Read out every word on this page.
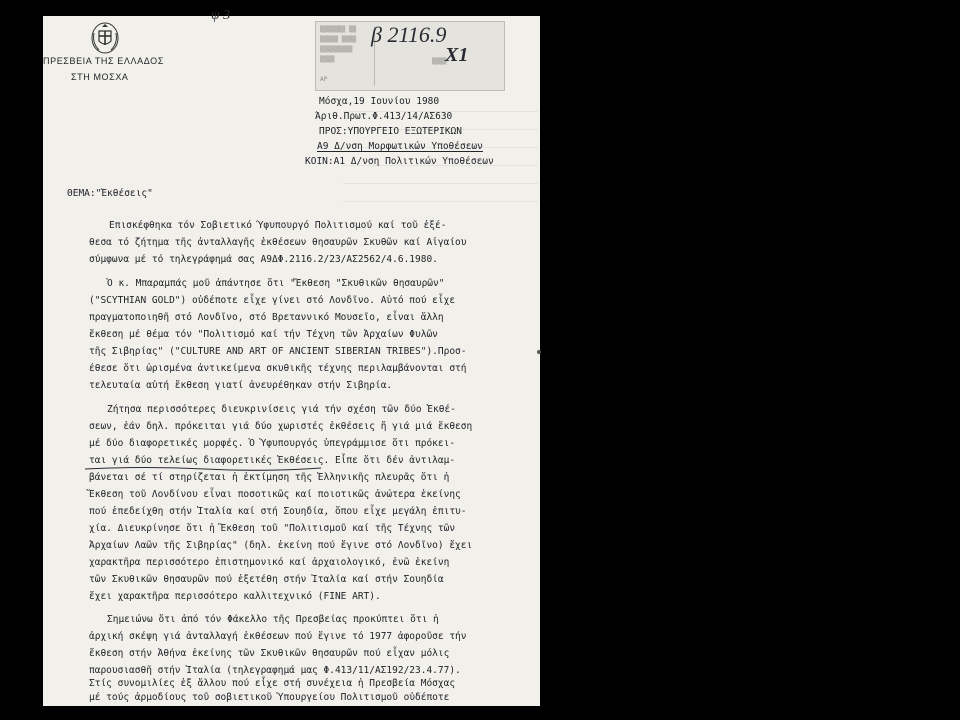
ΠΡΕΣΒΕΙΑ ΤΗΣ ΕΛΛΑΔΟΣ

ΣΤΗ ΜΟΣΧΑ

ψ 3

▒▒▒▒▒▒▒ ▒▒

▒▒▒▒▒ ▒▒▒▒

▒▒▒▒▒▒▒▒▒

▒▒▒▒

ΑΡ

▒▒▒▒

β 2116.9

Χ1

Μόσχα,19 Ιουνίου 1980

Άριθ.Πρωτ.Φ.413/14/ΑΣ630

ΠΡΟΣ:ΥΠΟΥΡΓΕΙΟ ΕΞΩΤΕΡΙΚΩΝ

Α9 Δ/νση Μορφωτικών Υποθέσεων

ΚΟΙΝ:Α1 Δ/νση Πολιτικών Υποθέσεων

ΘΕΜΑ:"Έκθέσεις"

Επισκέφθηκα τόν Σοβιετικό Ύφυπουργό Πολιτισμού καί τοῦ ἐξέ-

θεσα τό ζήτημα τῆς ἀνταλλαγῆς ἐκθέσεων θησαυρῶν Σκυθῶν καί Αἰγαίου

σύμφωνα μέ τό τηλεγράφημά σας Α9ΔΦ.2116.2/23/ΑΣ2562/4.6.1980.

Ὁ κ. Μπαραμπάς μοῦ ἀπάντησε ὅτι "Ἔκθεση "Σκυθικῶν θησαυρῶν"

("SCYTHIAN GOLD") οὐδέποτε εἶχε γίνει στό Λονδῖνο. Αὐτό πού εἶχε

πραγματοποιηθῆ στό Λονδῖνο, στό Βρεταννικό Μουσεῖο, εἶναι ἄλλη

ἔκθεση μέ θέμα τόν "Πολιτισμό καί τήν Τέχνη τῶν Ἀρχαίων Φυλῶν

τῆς Σιβηρίας" ("CULTURE AND ART OF ANCIENT SIBERIAN TRIBES").Προσ-

έθεσε ὅτι ὡρισμένα ἀντικείμενα σκυθικῆς τέχνης περιλαμβάνονται στή

τελευταία αὐτή ἔκθεση γιατί ἀνευρέθηκαν στήν Σιβηρία.

Ζήτησα περισσότερες διευκρινίσεις γιά τήν σχέση τῶν δύο Ἐκθέ-

σεων, ἐάν δηλ. πρόκειται γιά δύο χωριστές ἐκθέσεις ἤ γιά μιά ἔκθεση

μέ δύο διαφορετικές μορφές. Ὁ Ὑφυπουργός ὑπεγράμμισε ὅτι πρόκει-

ται γιά δύο τελείως διαφορετικές Ἐκθέσεις. Εἶπε ὅτι δέν ἀντιλαμ-

βάνεται σέ τί στηρίζεται ἡ ἐκτίμηση τῆς Ἑλληνικῆς πλευρᾶς ὅτι ἡ

Ἔκθεση τοῦ Λονδίνου εἶναι ποσοτικῶς καί ποιοτικῶς ἀνώτερα ἐκείνης

πού ἐπεδείχθη στήν Ἰταλία καί στή Σουηδία, ὅπου εἶχε μεγάλη ἐπιτυ-

χία. Διευκρίνησε ὅτι ἡ Ἔκθεση τοῦ "Πολιτισμοῦ καί τῆς Τέχνης τῶν

Ἀρχαίων Λαῶν τῆς Σιβηρίας" (δηλ. ἐκείνη πού ἔγινε στό Λονδῖνο) ἔχει

χαρακτῆρα περισσότερο ἐπιστημονικό καί ἀρχαιολογικό, ἐνῶ ἐκείνη

τῶν Σκυθικῶν θησαυρῶν πού ἐξετέθη στήν Ἰταλία καί στήν Σουηδία

ἔχει χαρακτῆρα περισσότερο καλλιτεχνικό (FINE ART).

Σημειώνω ὅτι ἀπό τόν Φάκελλο τῆς Πρεσβείας προκύπτει ὅτι ἡ

ἀρχική σκέψη γιά ἀνταλλαγή ἐκθέσεων πού ἔγινε τό 1977 ἀφοροῦσε τήν

ἔκθεση στήν Ἀθήνα ἐκείνης τῶν Σκυθικῶν θησαυρῶν πού εἶχαν μόλις

παρουσιασθῆ στήν Ἰταλία (τηλεγραφημά μας Φ.413/11/ΑΣ192/23.4.77).

Στίς συνομιλίες ἐξ ἄλλου πού εἶχε στή συνέχεια ἡ Πρεσβεία Μόσχας

μέ τούς ἁρμοδίους τοῦ σοβιετικοῦ Ὑπουργείου Πολιτισμοῦ οὐδέποτε
